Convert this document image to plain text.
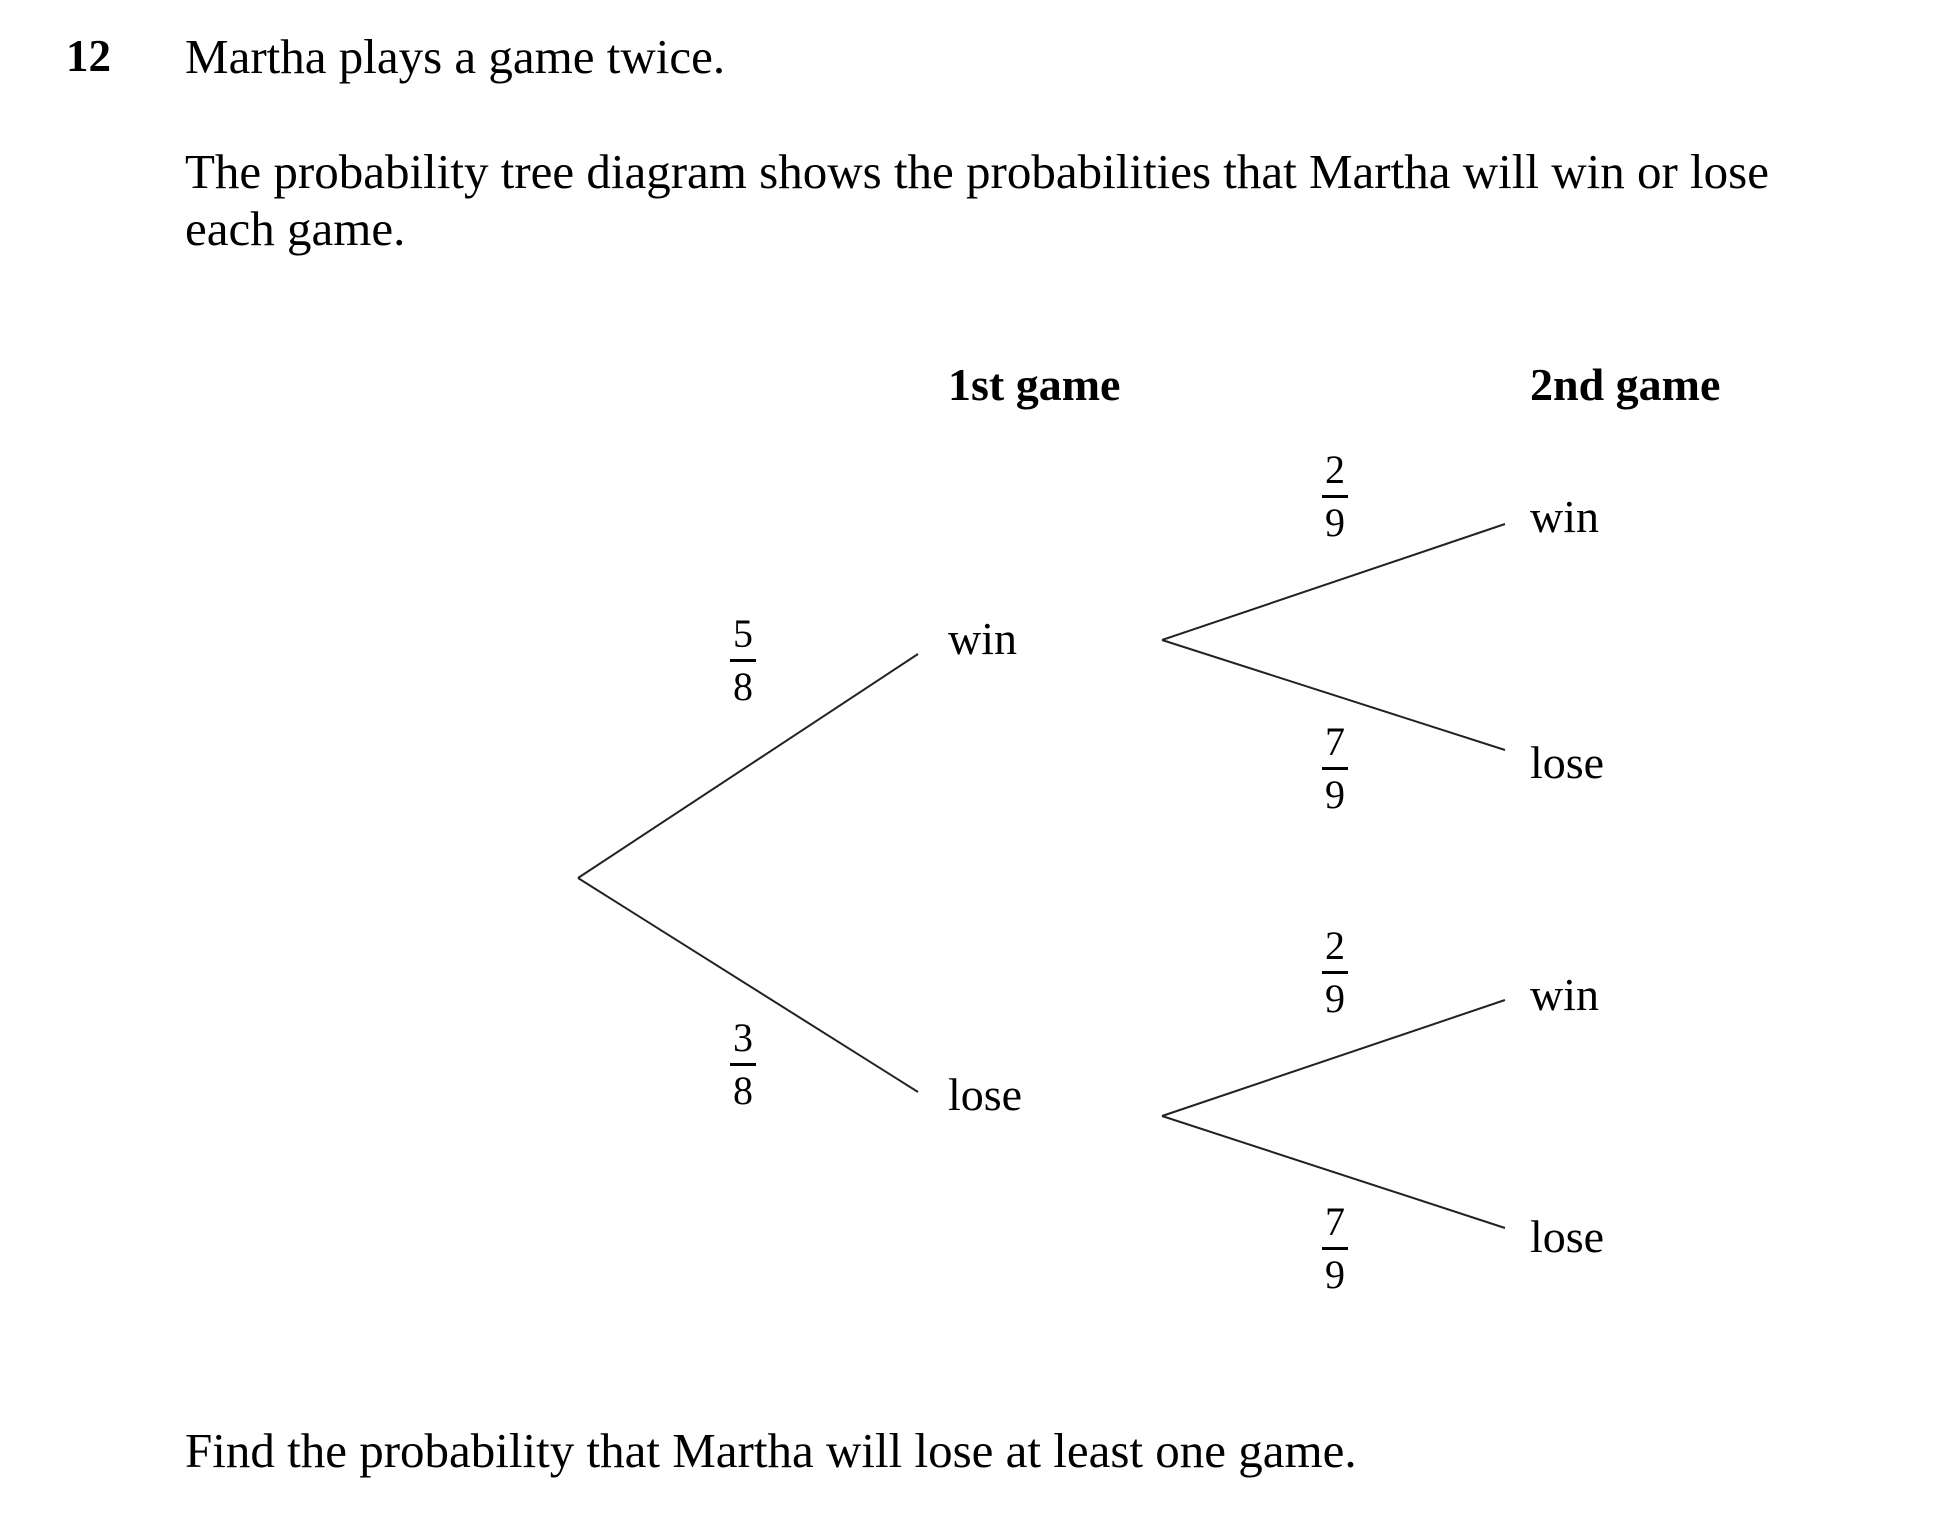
12 Martha plays a game twice.
The probability tree diagram shows the probabilities that Martha will win or lose
each game.
1st game	2nd game
win
lose
win
lose
win
lose
5
8
3
8
2
9
7
9
2
9
7
9
Find the probability that Martha will lose at least one game.
